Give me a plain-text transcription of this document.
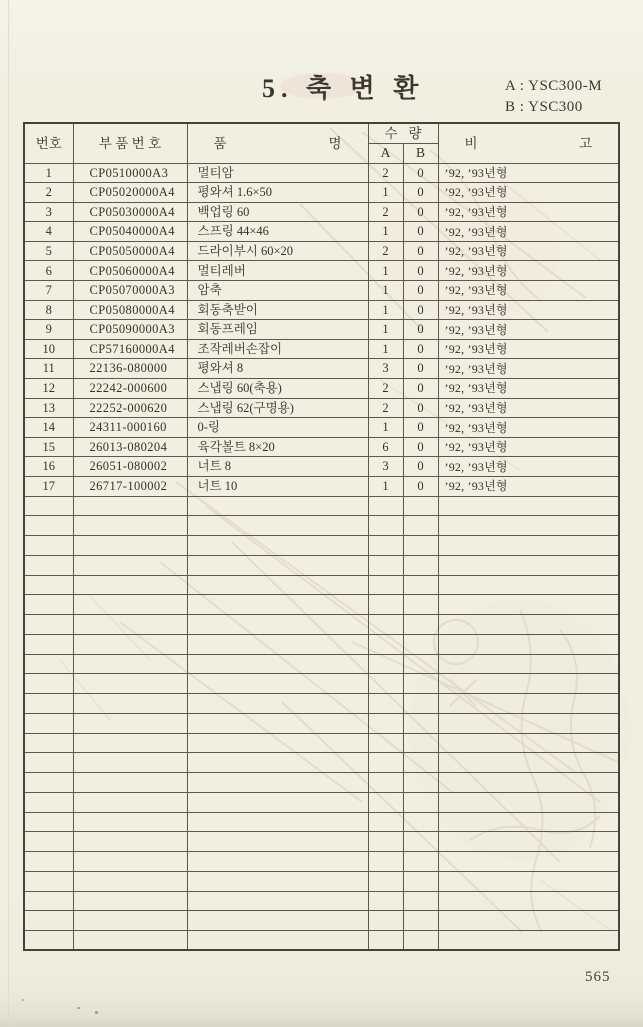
5. 축 변 환	A : YSC300-M
B : YSC300
번호	부 품 번 호	품 명	수 량		비 고

			A	B	
1	CP0510000A3	멀티암	2	0	’92, ’93년형
2	CP05020000A4	평와셔 1.6×50	1	0	’92, ’93년형
3	CP05030000A4	백업링 60	2	0	’92, ’93년형
4	CP05040000A4	스프링 44×46	1	0	’92, ’93년형
5	CP05050000A4	드라이부시 60×20	2	0	’92, ’93년형
6	CP05060000A4	멀티레버	1	0	’92, ’93년형
7	CP05070000A3	암축	1	0	’92, ’93년형
8	CP05080000A4	회동축받이	1	0	’92, ’93년형
9	CP05090000A3	회동프레임	1	0	’92, ’93년형
10	CP57160000A4	조작레버손잡이	1	0	’92, ’93년형
11	22136-080000	평와셔 8	3	0	’92, ’93년형
12	22242-000600	스냅링 60(축용)	2	0	’92, ’93년형
13	22252-000620	스냅링 62(구명용)	2	0	’92, ’93년형
14	24311-000160	0-링	1	0	’92, ’93년형
15	26013-080204	육각볼트 8×20	6	0	’92, ’93년형
16	26051-080002	너트 8	3	0	’92, ’93년형
17	26717-100002	너트 10	1	0	’92, ’93년형

565
